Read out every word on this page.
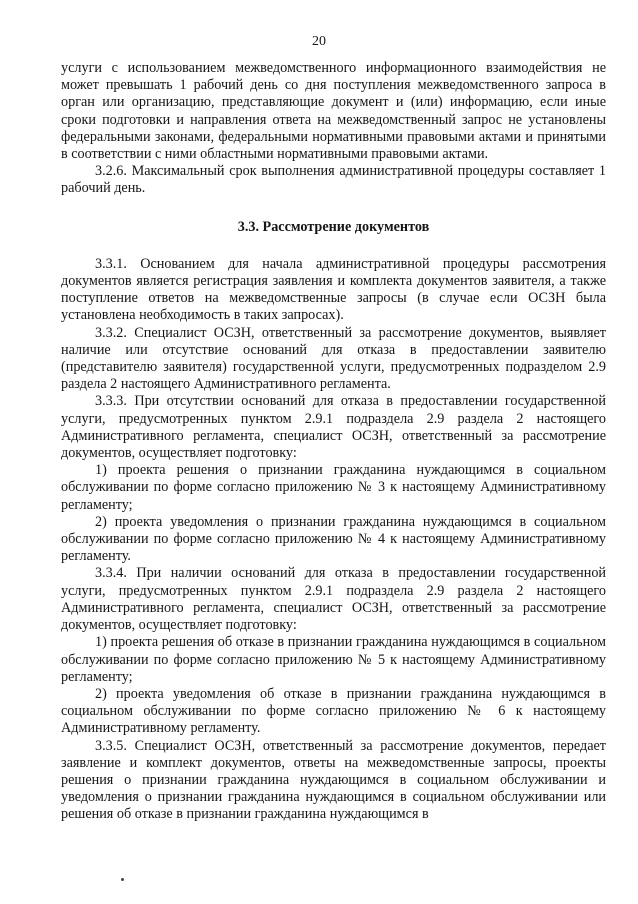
20

услуги с использованием межведомственного информационного взаимодействия не может превышать 1 рабочий день со дня поступления межведомственного запроса в орган или организацию, представляющие документ и (или) информацию, если иные сроки подготовки и направления ответа на межведомственный запрос не установлены федеральными законами, федеральными нормативными правовыми актами и принятыми в соответствии с ними областными нормативными правовыми актами.

3.2.6. Максимальный срок выполнения административной процедуры составляет 1 рабочий день.

3.3. Рассмотрение документов

3.3.1. Основанием для начала административной процедуры рассмотрения документов является регистрация заявления и комплекта документов заявителя, а также поступление ответов на межведомственные запросы (в случае если ОСЗН была установлена необходимость в таких запросах).

3.3.2. Специалист ОСЗН, ответственный за рассмотрение документов, выявляет наличие или отсутствие оснований для отказа в предоставлении заявителю (представителю заявителя) государственной услуги, предусмотренных подразделом 2.9 раздела 2 настоящего Административного регламента.

3.3.3. При отсутствии оснований для отказа в предоставлении государственной услуги, предусмотренных пунктом 2.9.1 подраздела 2.9 раздела 2 настоящего Административного регламента, специалист ОСЗН, ответственный за рассмотрение документов, осуществляет подготовку:

1) проекта решения о признании гражданина нуждающимся в социальном обслуживании по форме согласно приложению № 3 к настоящему Административному регламенту;

2) проекта уведомления о признании гражданина нуждающимся в социальном обслуживании по форме согласно приложению № 4 к настоящему Административному регламенту.

3.3.4. При наличии оснований для отказа в предоставлении государственной услуги, предусмотренных пунктом 2.9.1 подраздела 2.9 раздела 2 настоящего Административного регламента, специалист ОСЗН, ответственный за рассмотрение документов, осуществляет подготовку:

1) проекта решения об отказе в признании гражданина нуждающимся в социальном обслуживании по форме согласно приложению № 5 к настоящему Административному регламенту;

2) проекта уведомления об отказе в признании гражданина нуждающимся в социальном обслуживании по форме согласно приложению № 6 к настоящему Административному регламенту.

3.3.5. Специалист ОСЗН, ответственный за рассмотрение документов, передает заявление и комплект документов, ответы на межведомственные запросы, проекты решения о признании гражданина нуждающимся в социальном обслуживании и уведомления о признании гражданина нуждающимся в социальном обслуживании или решения об отказе в признании гражданина нуждающимся в
